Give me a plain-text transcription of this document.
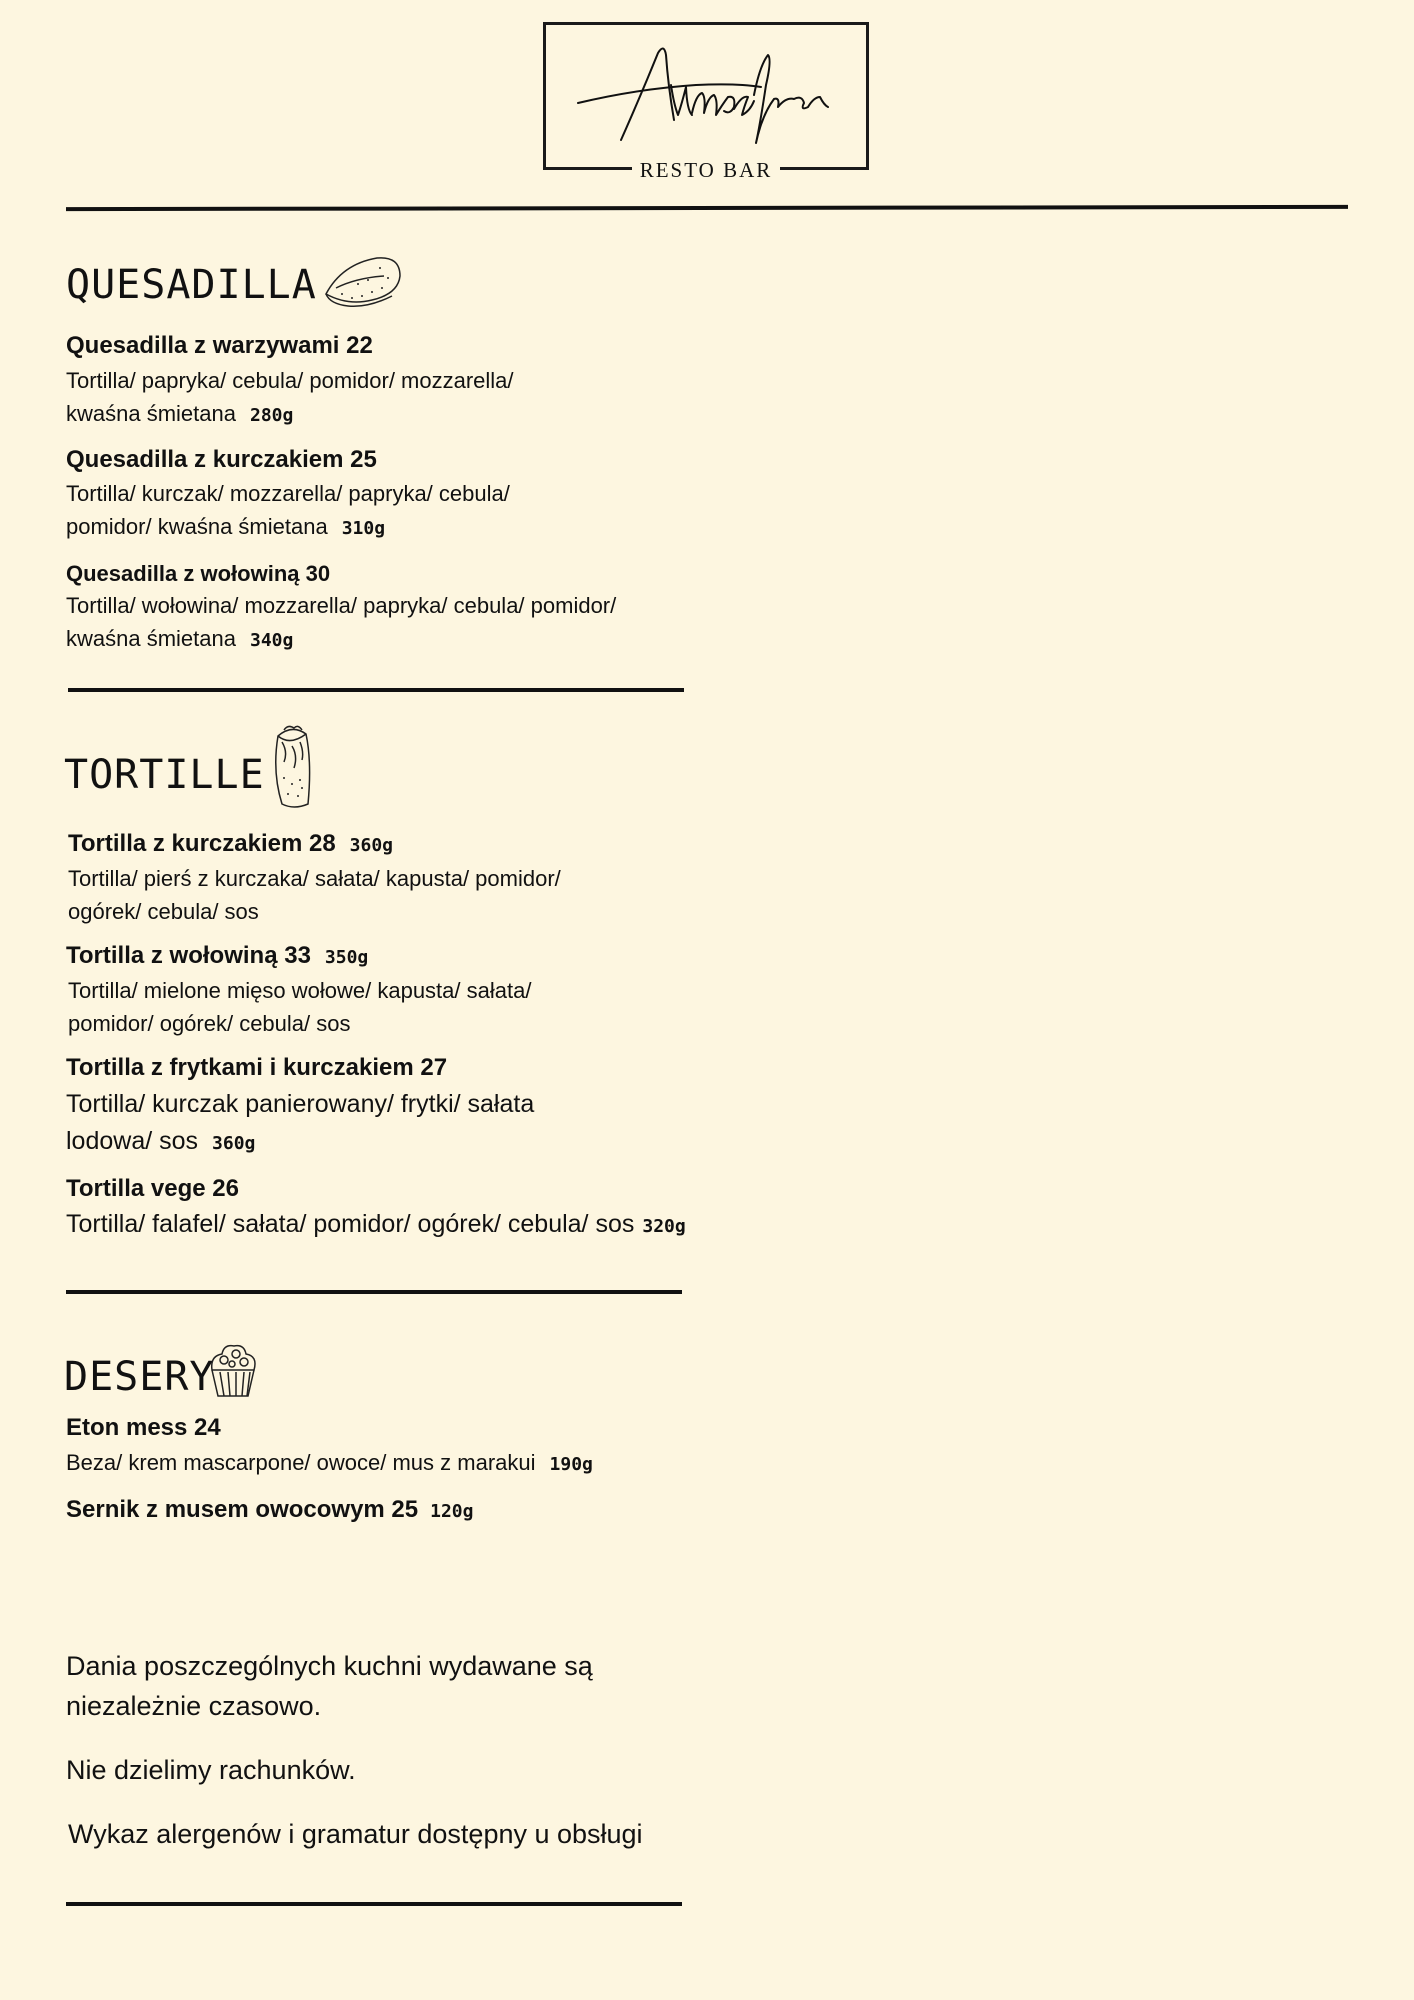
RESTO BAR
QUESADILLA

Quesadilla z warzywami 22

Tortilla/ papryka/ cebula/ pomidor/ mozzarella/
kwaśna śmietana 280g

Quesadilla z kurczakiem 25

Tortilla/ kurczak/ mozzarella/ papryka/ cebula/
pomidor/ kwaśna śmietana 310g

Quesadilla z wołowiną 30

Tortilla/ wołowina/ mozzarella/ papryka/ cebula/ pomidor/
kwaśna śmietana 340g

TORTILLE

Tortilla z kurczakiem 28 360g

Tortilla/ pierś z kurczaka/ sałata/ kapusta/ pomidor/
ogórek/ cebula/ sos

Tortilla z wołowiną 33 350g

Tortilla/ mielone mięso wołowe/ kapusta/ sałata/
pomidor/ ogórek/ cebula/ sos

Tortilla z frytkami i kurczakiem 27

Tortilla/ kurczak panierowany/ frytki/ sałata
lodowa/ sos 360g

Tortilla vege 26

Tortilla/ falafel/ sałata/ pomidor/ ogórek/ cebula/ sos 320g

DESERY

Eton mess 24

Beza/ krem mascarpone/ owoce/ mus z marakui 190g

Sernik z musem owocowym 25 120g

Dania poszczególnych kuchni wydawane są
niezależnie czasowo.

Nie dzielimy rachunków.

Wykaz alergenów i gramatur dostępny u obsługi
